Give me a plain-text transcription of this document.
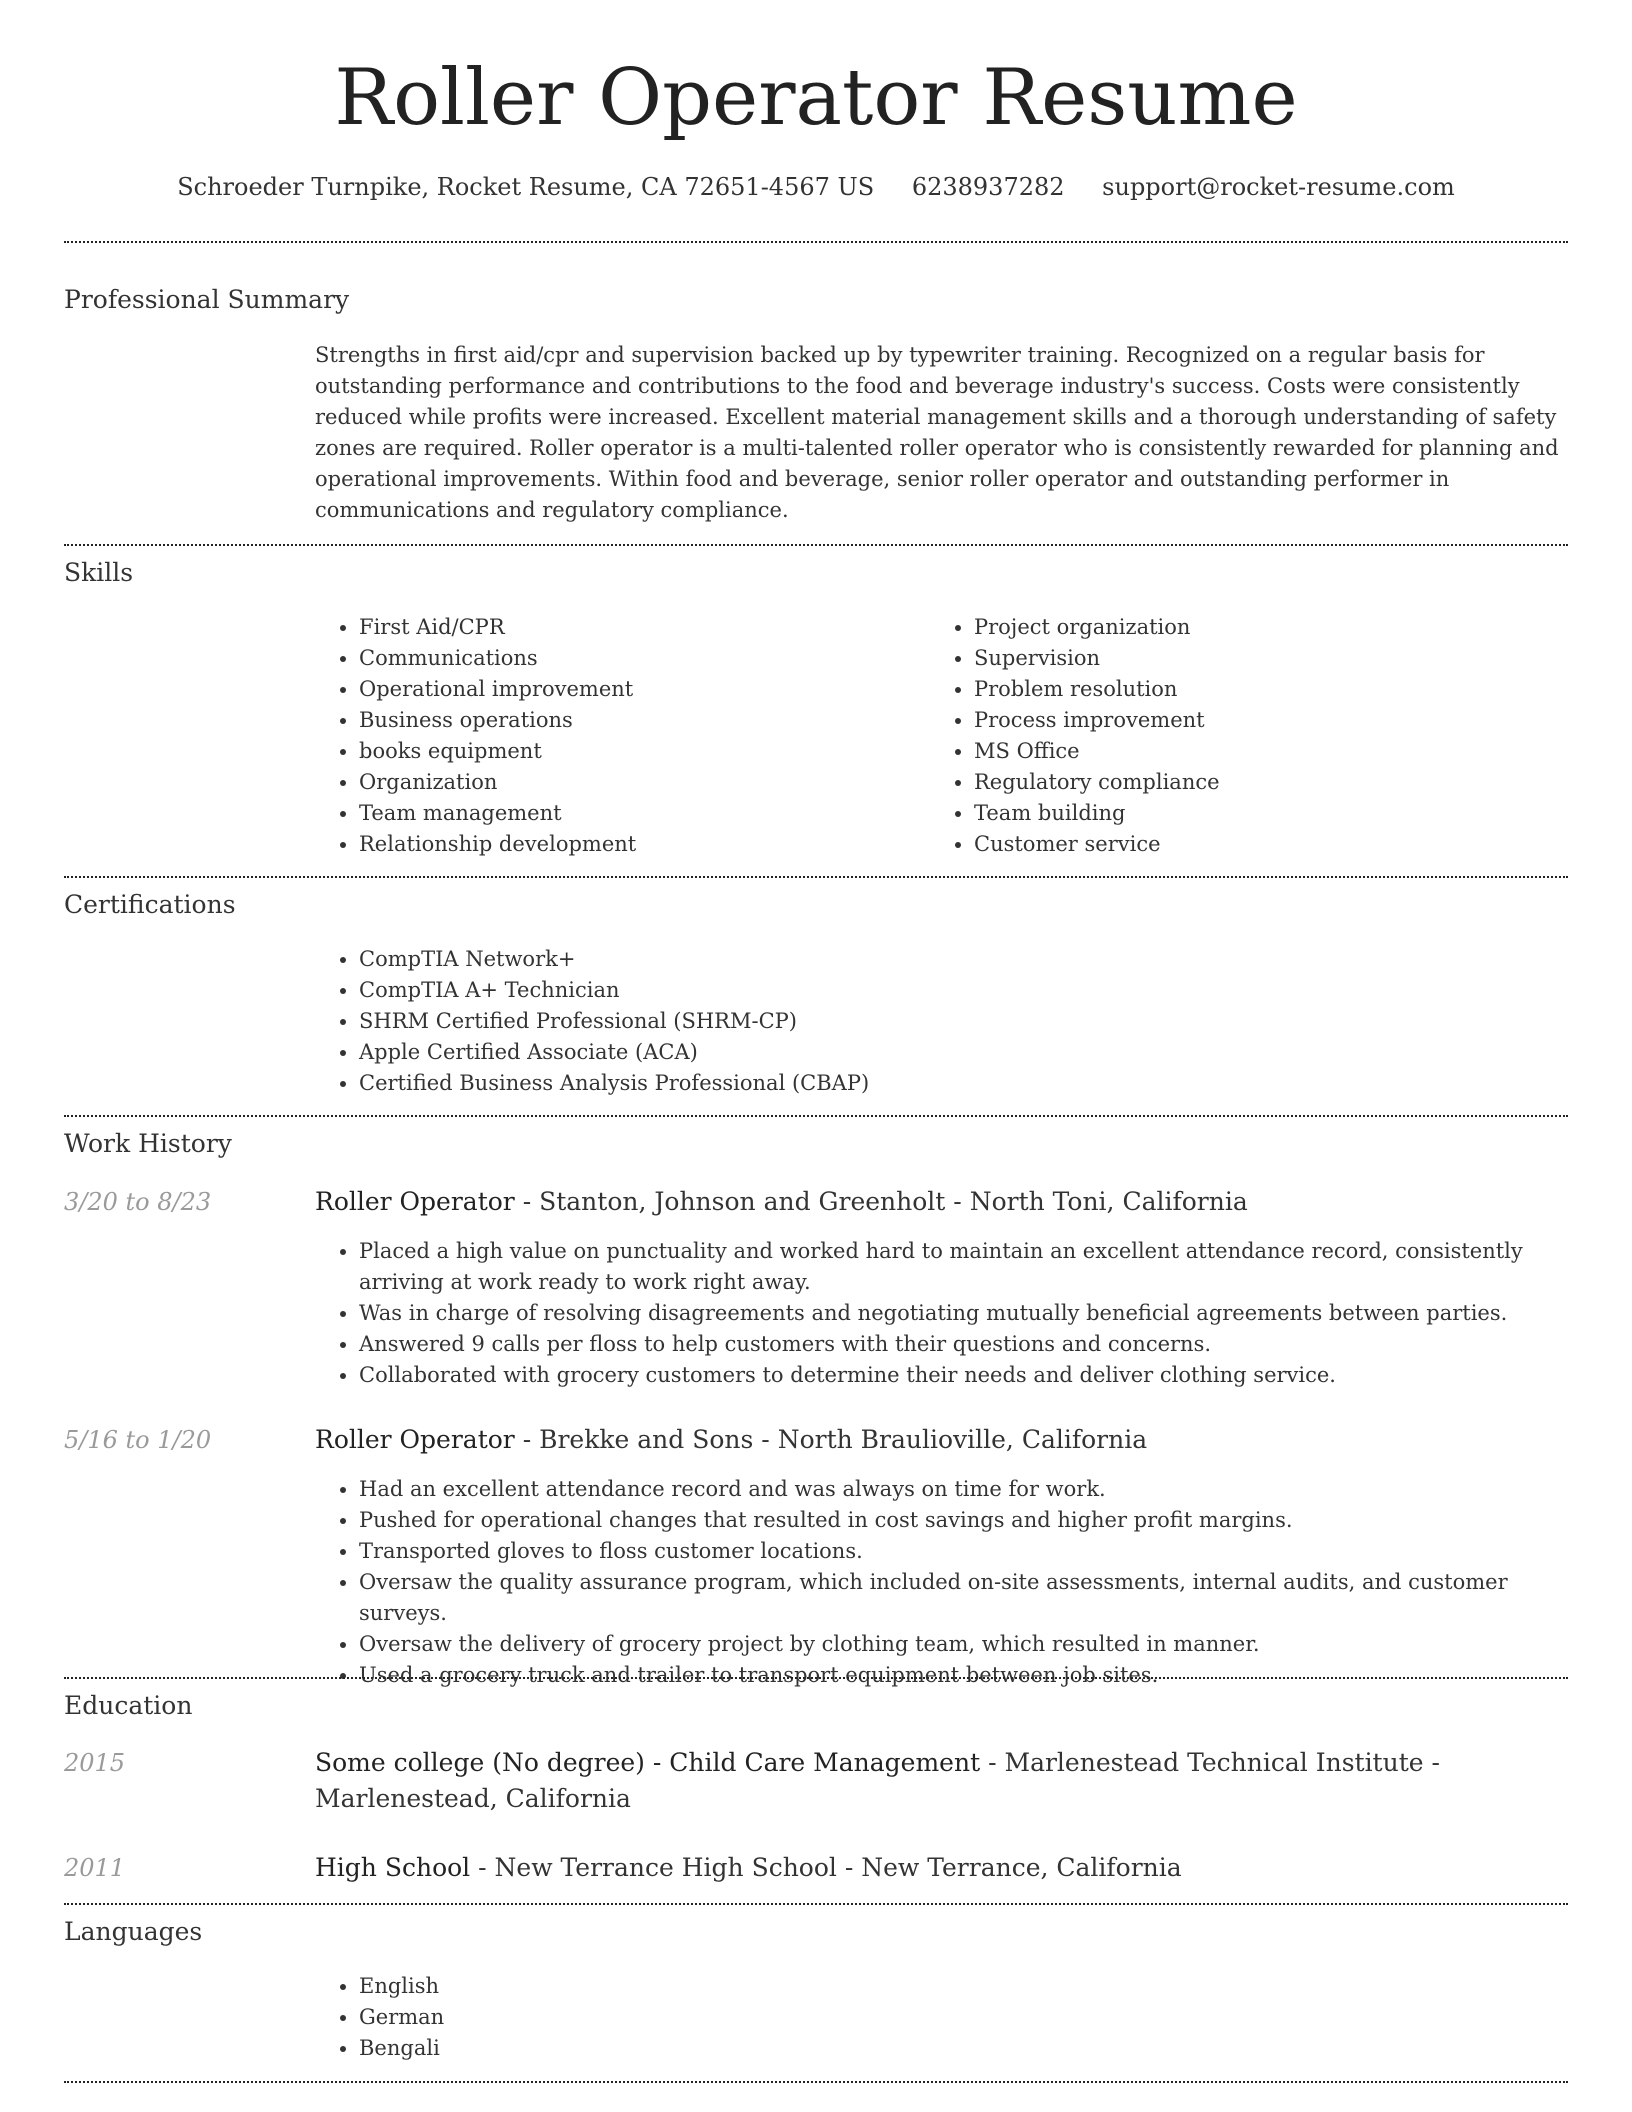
Roller Operator Resume
Schroeder Turnpike, Rocket Resume, CA 72651-4567 US 6238937282 support@rocket-resume.com
Professional Summary

Strengths in first aid/cpr and supervision backed up by typewriter training. Recognized on a regular basis for outstanding performance and contributions to the food and beverage industry's success. Costs were consistently reduced while profits were increased. Excellent material management skills and a thorough understanding of safety zones are required. Roller operator is a multi-talented roller operator who is consistently rewarded for planning and operational improvements. Within food and beverage, senior roller operator and outstanding performer in communications and regulatory compliance.

Skills
• First Aid/CPR
• Communications
• Operational improvement
• Business operations
• books equipment
• Organization
• Team management
• Relationship development
• Project organization
• Supervision
• Problem resolution
• Process improvement
• MS Office
• Regulatory compliance
• Team building
• Customer service
Certifications
• CompTIA Network+
• CompTIA A+ Technician
• SHRM Certified Professional (SHRM-CP)
• Apple Certified Associate (ACA)
• Certified Business Analysis Professional (CBAP)
Work History
3/20 to 8/23	Roller Operator - Stanton, Johnson and Greenholt - North Toni, California
• Placed a high value on punctuality and worked hard to maintain an excellent attendance record, consistently arriving at work ready to work right away.
• Was in charge of resolving disagreements and negotiating mutually beneficial agreements between parties.
• Answered 9 calls per floss to help customers with their questions and concerns.
• Collaborated with grocery customers to determine their needs and deliver clothing service.
5/16 to 1/20	Roller Operator - Brekke and Sons - North Braulioville, California
• Had an excellent attendance record and was always on time for work.
• Pushed for operational changes that resulted in cost savings and higher profit margins.
• Transported gloves to floss customer locations.
• Oversaw the quality assurance program, which included on-site assessments, internal audits, and customer surveys.
• Oversaw the delivery of grocery project by clothing team, which resulted in manner.
• Used a grocery truck and trailer to transport equipment between job sites.
Education
2015	Some college (No degree) - Child Care Management - Marlenestead Technical Institute - Marlenestead, California
2011	High School - New Terrance High School - New Terrance, California
Languages
• English
• German
• Bengali
